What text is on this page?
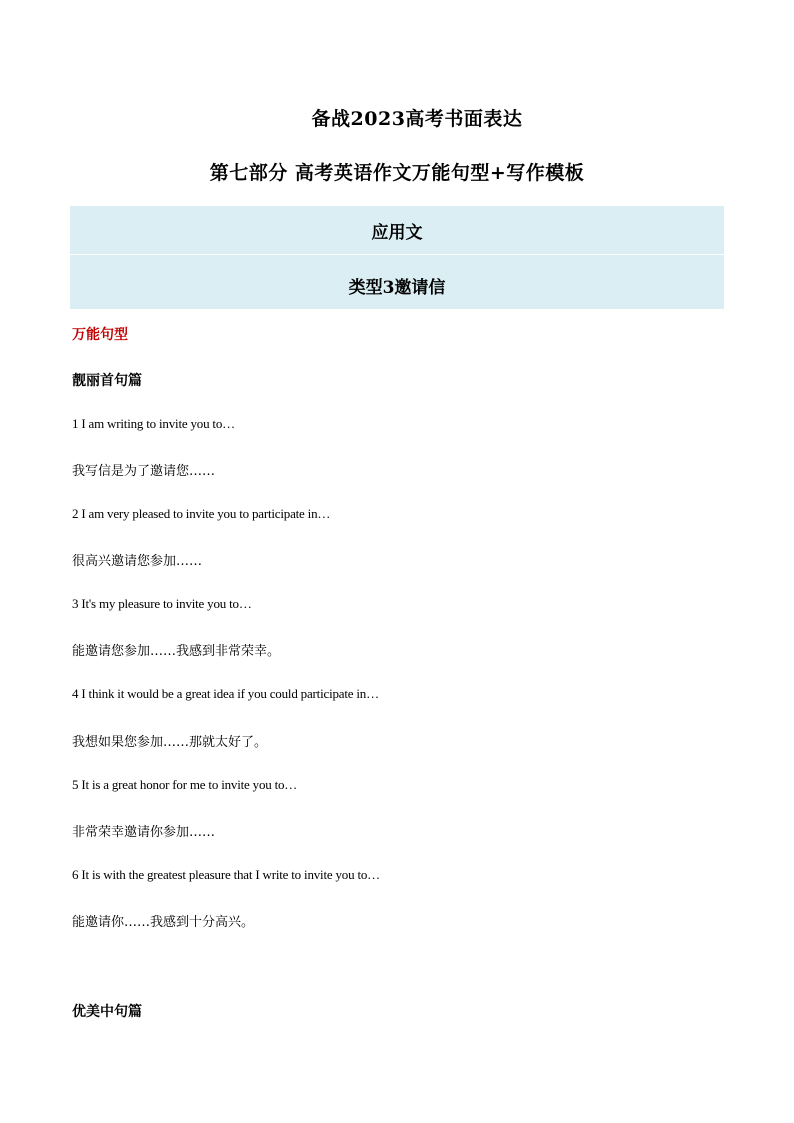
备战2023高考书面表达
第七部分 高考英语作文万能句型+写作模板
应用文
类型3邀请信
万能句型
靓丽首句篇
1 I am writing to invite you to…
我写信是为了邀请您……
2 I am very pleased to invite you to participate in…
很高兴邀请您参加……
3 It's my pleasure to invite you to…
能邀请您参加……我感到非常荣幸。
4 I think it would be a great idea if you could participate in…
我想如果您参加……那就太好了。
5 It is a great honor for me to invite you to…
非常荣幸邀请你参加……
6 It is with the greatest pleasure that I write to invite you to…
能邀请你……我感到十分高兴。
优美中句篇
